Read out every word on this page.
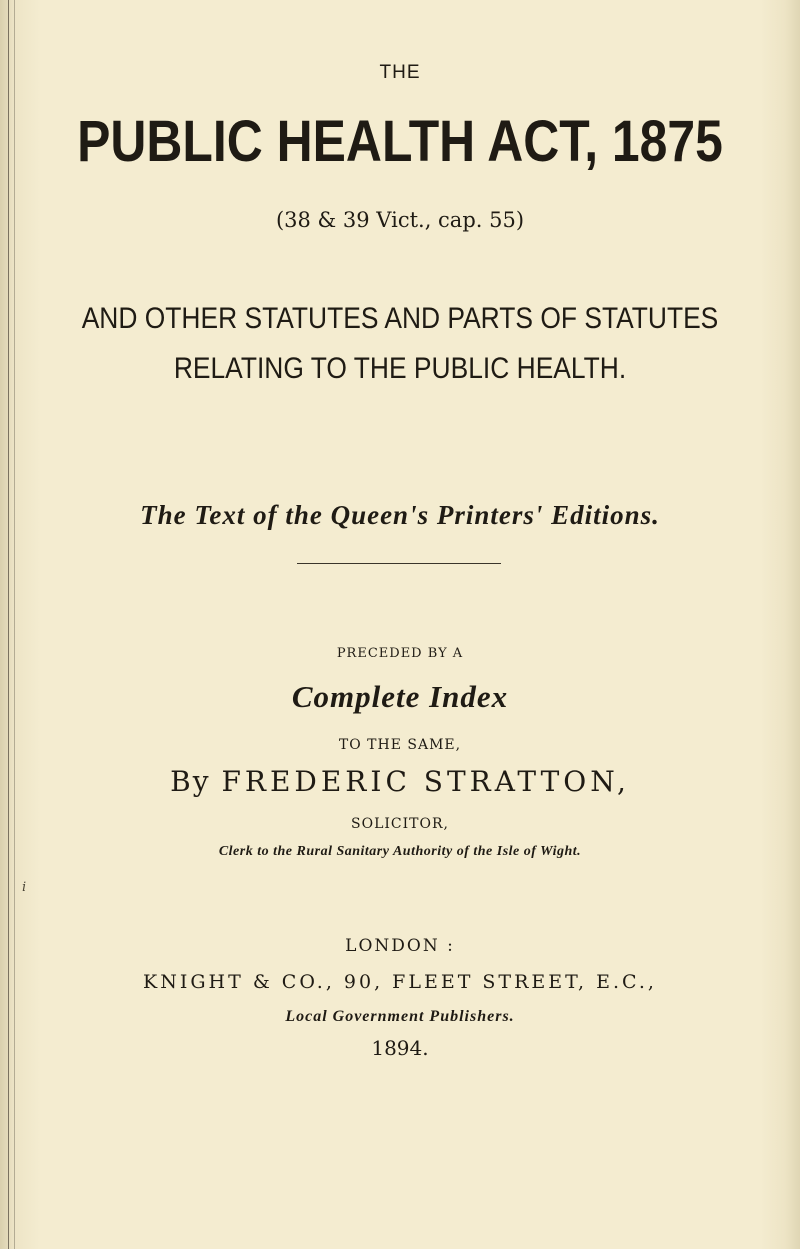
THE
PUBLIC HEALTH ACT, 1875
(38 & 39 Vict., cap. 55)
AND OTHER STATUTES AND PARTS OF STATUTES
RELATING TO THE PUBLIC HEALTH.
The Text of the Queen's Printers' Editions.
PRECEDED BY A
Complete Index
TO THE SAME,
By FREDERIC STRATTON,
SOLICITOR,
Clerk to the Rural Sanitary Authority of the Isle of Wight.
i
LONDON :
KNIGHT & CO., 90, FLEET STREET, E.C.,
Local Government Publishers.
1894.
